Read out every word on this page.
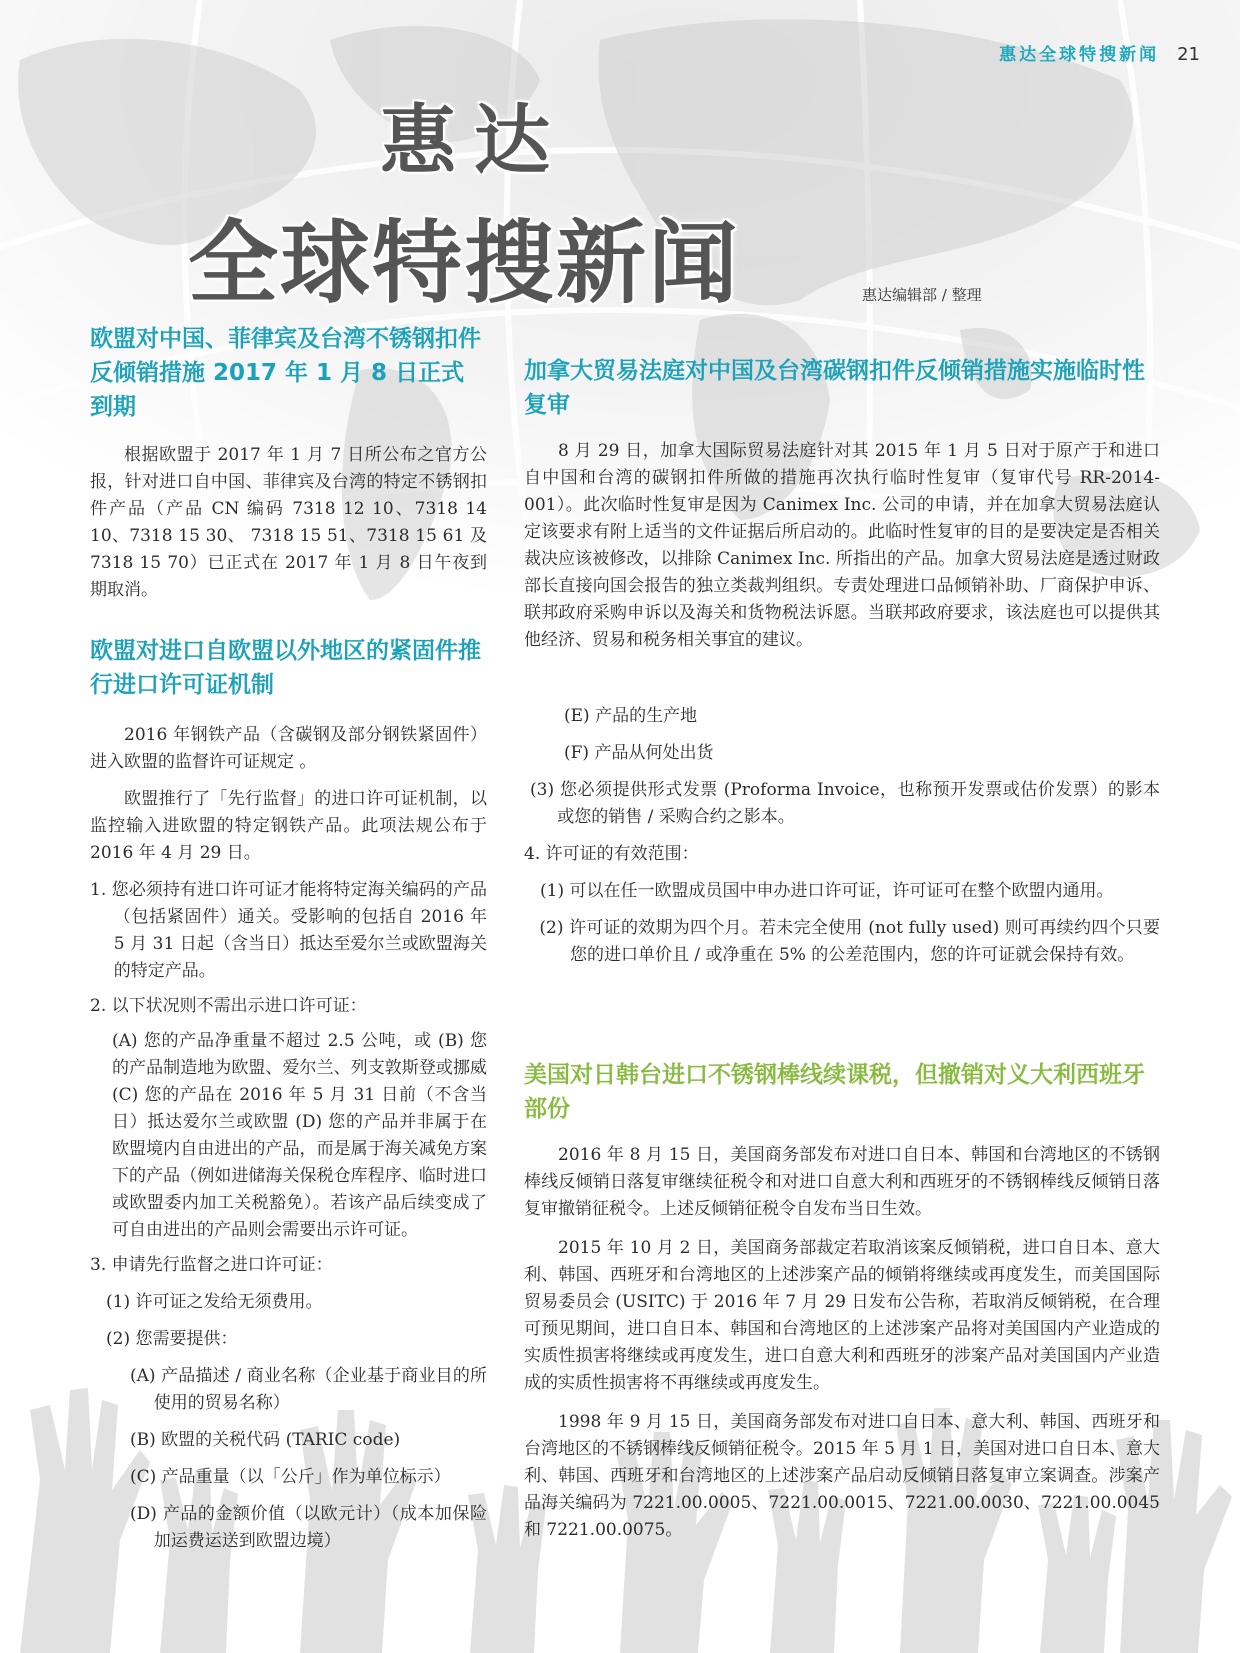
惠达全球特搜新闻 21
惠达
全球特搜新闻	惠达编辑部 / 整理
欧盟对中国、菲律宾及台湾不锈钢扣件反倾销措施 2017 年 1 月 8 日正式到期

根据欧盟于 2017 年 1 月 7 日所公布之官方公报，针对进口自中国、菲律宾及台湾的特定不锈钢扣件产品（产品 CN 编码 7318 12 10、7318 14 10、7318 15 30、 7318 15 51、7318 15 61 及 7318 15 70）已正式在 2017 年 1 月 8 日午夜到期取消。

欧盟对进口自欧盟以外地区的紧固件推行进口许可证机制

2016 年钢铁产品（含碳钢及部分钢铁紧固件）进入欧盟的监督许可证规定 。

欧盟推行了「先行监督」的进口许可证机制，以监控输入进欧盟的特定钢铁产品。此项法规公布于 2016 年 4 月 29 日。

1. 您必须持有进口许可证才能将特定海关编码的产品（包括紧固件）通关。受影响的包括自 2016 年 5 月 31 日起（含当日）抵达至爱尔兰或欧盟海关的特定产品。

2. 以下状况则不需出示进口许可证：

(A) 您的产品净重量不超过 2.5 公吨，或 (B) 您的产品制造地为欧盟、爱尔兰、列支敦斯登或挪威 (C) 您的产品在 2016 年 5 月 31 日前（不含当日）抵达爱尔兰或欧盟 (D) 您的产品并非属于在欧盟境内自由进出的产品，而是属于海关减免方案下的产品（例如进储海关保税仓库程序、临时进口或欧盟委内加工关税豁免）。若该产品后续变成了可自由进出的产品则会需要出示许可证。

3. 申请先行监督之进口许可证：

(1) 许可证之发给无须费用。

(2) 您需要提供：

(A) 产品描述 / 商业名称（企业基于商业目的所使用的贸易名称）

(B) 欧盟的关税代码 (TARIC code)

(C) 产品重量（以「公斤」作为单位标示）

(D) 产品的金额价值（以欧元计）（成本加保险加运费运送到欧盟边境）

加拿大贸易法庭对中国及台湾碳钢扣件反倾销措施实施临时性复审

8 月 29 日，加拿大国际贸易法庭针对其 2015 年 1 月 5 日对于原产于和进口自中国和台湾的碳钢扣件所做的措施再次执行临时性复审（复审代号 RR-2014-001）。此次临时性复审是因为 Canimex Inc. 公司的申请，并在加拿大贸易法庭认定该要求有附上适当的文件证据后所启动的。此临时性复审的目的是要决定是否相关裁决应该被修改，以排除 Canimex Inc. 所指出的产品。加拿大贸易法庭是透过财政部长直接向国会报告的独立类裁判组织。专责处理进口品倾销补助、厂商保护申诉、联邦政府采购申诉以及海关和货物税法诉愿。当联邦政府要求，该法庭也可以提供其他经济、贸易和税务相关事宜的建议。

(E) 产品的生产地

(F) 产品从何处出货

(3) 您必须提供形式发票 (Proforma Invoice，也称预开发票或估价发票）的影本或您的销售 / 采购合约之影本。

4. 许可证的有效范围：

(1) 可以在任一欧盟成员国中申办进口许可证，许可证可在整个欧盟内通用。

(2) 许可证的效期为四个月。若未完全使用 (not fully used) 则可再续约四个只要您的进口单价且 / 或净重在 5% 的公差范围内，您的许可证就会保持有效。

美国对日韩台进口不锈钢棒线续课税，但撤销对义大利西班牙部份

2016 年 8 月 15 日，美国商务部发布对进口自日本、韩国和台湾地区的不锈钢棒线反倾销日落复审继续征税令和对进口自意大利和西班牙的不锈钢棒线反倾销日落复审撤销征税令。上述反倾销征税令自发布当日生效。

2015 年 10 月 2 日，美国商务部裁定若取消该案反倾销税，进口自日本、意大利、韩国、西班牙和台湾地区的上述涉案产品的倾销将继续或再度发生，而美国国际贸易委员会 (USITC) 于 2016 年 7 月 29 日发布公告称，若取消反倾销税，在合理可预见期间，进口自日本、韩国和台湾地区的上述涉案产品将对美国国内产业造成的实质性损害将继续或再度发生，进口自意大利和西班牙的涉案产品对美国国内产业造成的实质性损害将不再继续或再度发生。

1998 年 9 月 15 日，美国商务部发布对进口自日本、意大利、韩国、西班牙和台湾地区的不锈钢棒线反倾销征税令。2015 年 5 月 1 日，美国对进口自日本、意大利、韩国、西班牙和台湾地区的上述涉案产品启动反倾销日落复审立案调查。涉案产品海关编码为 7221.00.0005、7221.00.0015、7221.00.0030、7221.00.0045 和 7221.00.0075。
